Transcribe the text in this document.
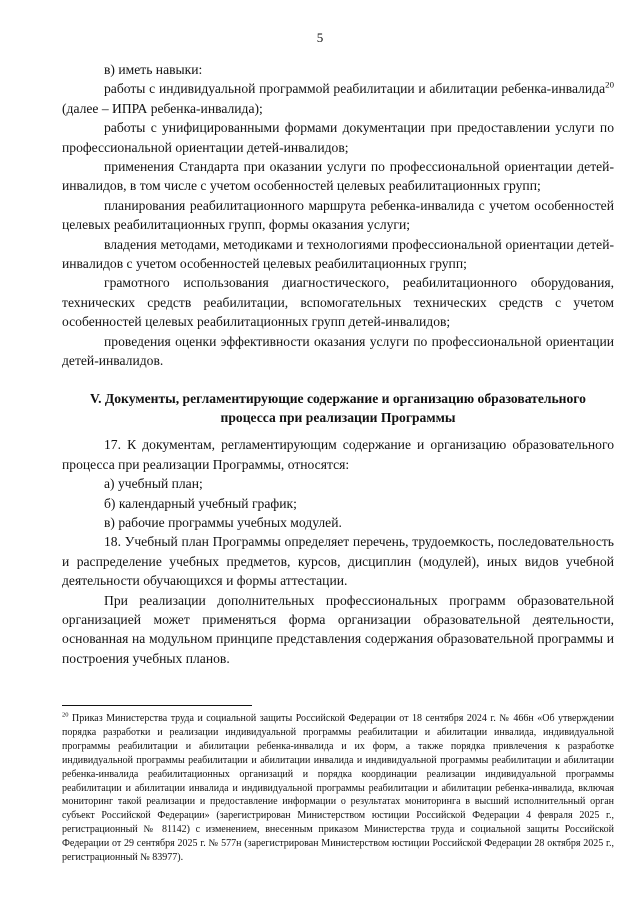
5

в) иметь навыки:

работы с индивидуальной программой реабилитации и абилитации ребенка-инвалида$^{20}$ (далее – ИПРА ребенка-инвалида);

работы с унифицированными формами документации при предоставлении услуги по профессиональной ориентации детей-инвалидов;

применения Стандарта при оказании услуги по профессиональной ориентации детей-инвалидов, в том числе с учетом особенностей целевых реабилитационных групп;

планирования реабилитационного маршрута ребенка-инвалида с учетом особенностей целевых реабилитационных групп, формы оказания услуги;

владения методами, методиками и технологиями профессиональной ориентации детей-инвалидов с учетом особенностей целевых реабилитационных групп;

грамотного использования диагностического, реабилитационного оборудования, технических средств реабилитации, вспомогательных технических средств с учетом особенностей целевых реабилитационных групп детей-инвалидов;

проведения оценки эффективности оказания услуги по профессиональной ориентации детей-инвалидов.

V. Документы, регламентирующие содержание и организацию образовательного процесса при реализации Программы

17. К документам, регламентирующим содержание и организацию образовательного процесса при реализации Программы, относятся:

а) учебный план;

б) календарный учебный график;

в) рабочие программы учебных модулей.

18. Учебный план Программы определяет перечень, трудоемкость, последовательность и распределение учебных предметов, курсов, дисциплин (модулей), иных видов учебной деятельности обучающихся и формы аттестации.

При реализации дополнительных профессиональных программ образовательной организацией может применяться форма организации образовательной деятельности, основанная на модульном принципе представления содержания образовательной программы и построения учебных планов.

$^{20}$ Приказ Министерства труда и социальной защиты Российской Федерации от 18 сентября 2024 г. № 466н «Об утверждении порядка разработки и реализации индивидуальной программы реабилитации и абилитации инвалида, индивидуальной программы реабилитации и абилитации ребенка-инвалида и их форм, а также порядка привлечения к разработке индивидуальной программы реабилитации и абилитации инвалида и индивидуальной программы реабилитации и абилитации ребенка-инвалида реабилитационных организаций и порядка координации реализации индивидуальной программы реабилитации и абилитации инвалида и индивидуальной программы реабилитации и абилитации ребенка-инвалида, включая мониторинг такой реализации и предоставление информации о результатах мониторинга в высший исполнительный орган субъект Российской Федерации» (зарегистрирован Министерством юстиции Российской Федерации 4 февраля 2025 г., регистрационный № 81142) с изменением, внесенным приказом Министерства труда и социальной защиты Российской Федерации от 29 сентября 2025 г. № 577н (зарегистрирован Министерством юстиции Российской Федерации 28 октября 2025 г., регистрационный № 83977).
